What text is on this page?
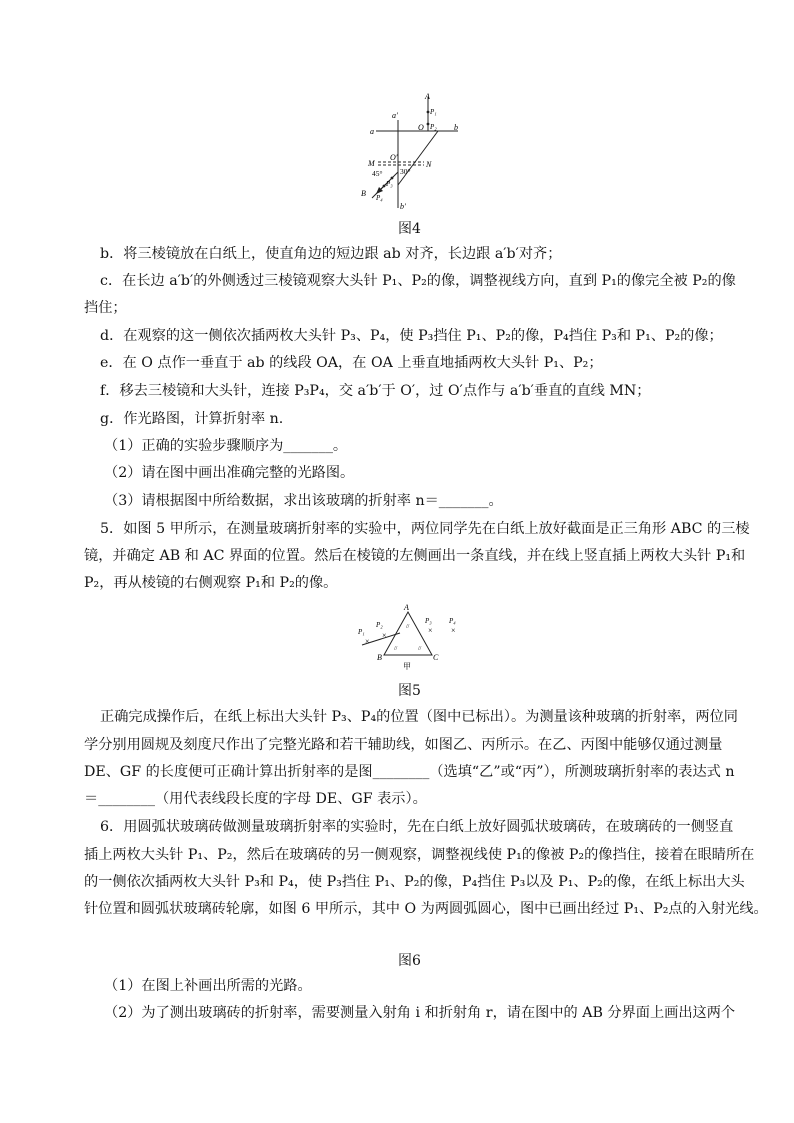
A
P₁
a′
O P₂
a	b
O′
M	N
45° 30°
B
P₃
P₄
b′
图4
b．将三棱镜放在白纸上，使直角边的短边跟 ab 对齐，长边跟 a′b′对齐；
c．在长边 a′b′的外侧透过三棱镜观察大头针 P₁、P₂的像，调整视线方向，直到 P₁的像完全被 P₂的像
挡住；
d．在观察的这一侧依次插两枚大头针 P₃、P₄，使 P₃挡住 P₁、P₂的像，P₄挡住 P₃和 P₁、P₂的像；
e．在 O 点作一垂直于 ab 的线段 OA，在 OA 上垂直地插两枚大头针 P₁、P₂；
f．移去三棱镜和大头针，连接 P₃P₄，交 a′b′于 O′，过 O′点作与 a′b′垂直的直线 MN；
g．作光路图，计算折射率 n.
（1）正确的实验步骤顺序为_______。
（2）请在图中画出准确完整的光路图。
（3）请根据图中所给数据，求出该玻璃的折射率 n＝_______。
5．如图 5 甲所示，在测量玻璃折射率的实验中，两位同学先在白纸上放好截面是正三角形 ABC 的三棱
镜，并确定 AB 和 AC 界面的位置。然后在棱镜的左侧画出一条直线，并在线上竖直插上两枚大头针 P₁和
P₂，再从棱镜的右侧观察 P₁和 P₂的像。
A
B	C
甲
P₁
P₂	P₃ P₄
×
×
× ×
//
//	//
图5
正确完成操作后，在纸上标出大头针 P₃、P₄的位置（图中已标出）。为测量该种玻璃的折射率，两位同
学分别用圆规及刻度尺作出了完整光路和若干辅助线，如图乙、丙所示。在乙、丙图中能够仅通过测量
DE、GF 的长度便可正确计算出折射率的是图________（选填“乙”或“丙”），所测玻璃折射率的表达式 n
＝________（用代表线段长度的字母 DE、GF 表示）。
6．用圆弧状玻璃砖做测量玻璃折射率的实验时，先在白纸上放好圆弧状玻璃砖，在玻璃砖的一侧竖直
插上两枚大头针 P₁、P₂，然后在玻璃砖的另一侧观察，调整视线使 P₁的像被 P₂的像挡住，接着在眼睛所在
的一侧依次插两枚大头针 P₃和 P₄，使 P₃挡住 P₁、P₂的像，P₄挡住 P₃以及 P₁、P₂的像，在纸上标出大头
针位置和圆弧状玻璃砖轮廓，如图 6 甲所示，其中 O 为两圆弧圆心，图中已画出经过 P₁、P₂点的入射光线。
图6
（1）在图上补画出所需的光路。
（2）为了测出玻璃砖的折射率，需要测量入射角 i 和折射角 r，请在图中的 AB 分界面上画出这两个
